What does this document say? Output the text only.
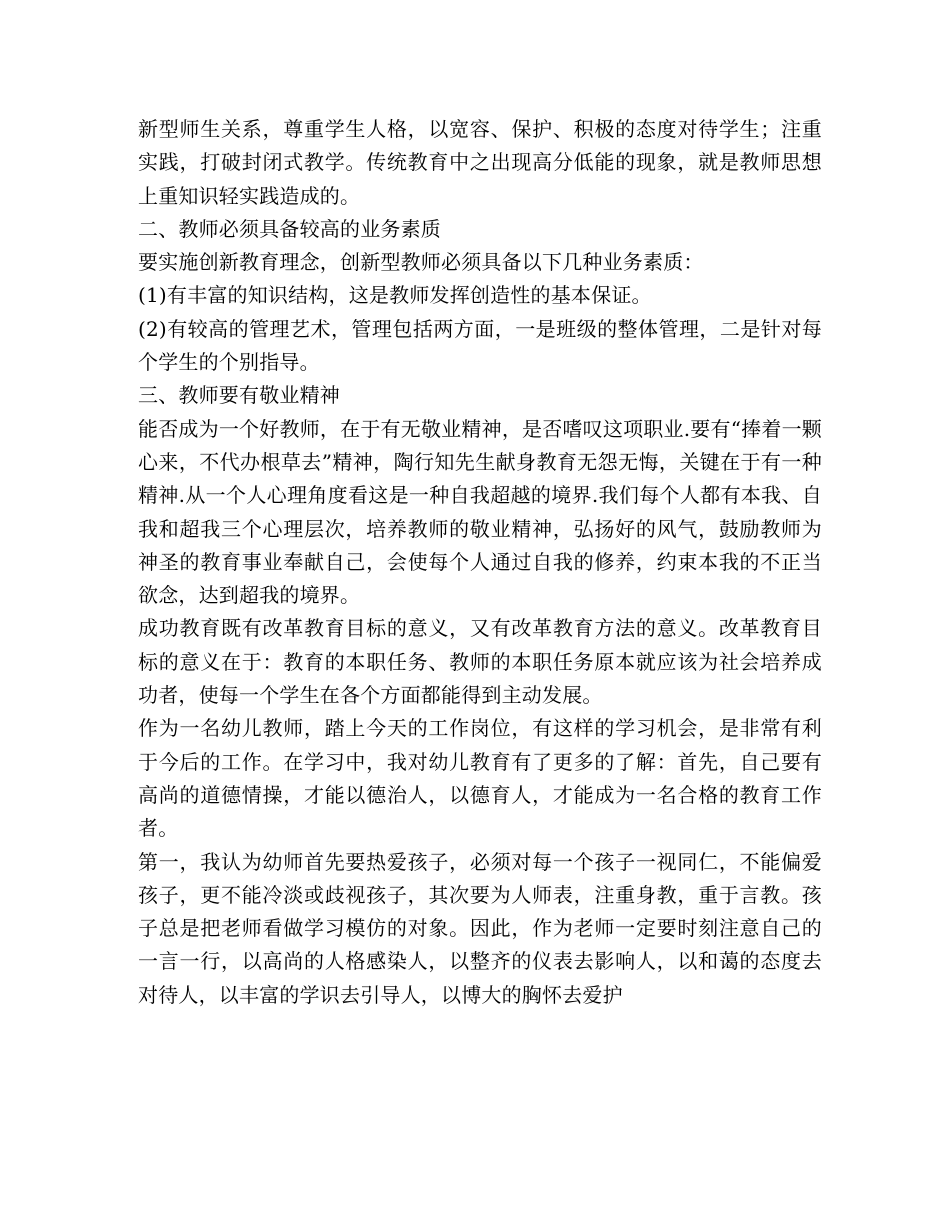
新型师生关系，尊重学生人格，以宽容、保护、积极的态度对待学生；注重实践，打破封闭式教学。传统教育中之出现高分低能的现象，就是教师思想上重知识轻实践造成的。

二、教师必须具备较高的业务素质

要实施创新教育理念，创新型教师必须具备以下几种业务素质：

(1)有丰富的知识结构，这是教师发挥创造性的基本保证。

(2)有较高的管理艺术，管理包括两方面，一是班级的整体管理，二是针对每个学生的个别指导。

三、教师要有敬业精神

能否成为一个好教师，在于有无敬业精神，是否嗜叹这项职业.要有“捧着一颗心来，不代办根草去”精神，陶行知先生献身教育无怨无悔，关键在于有一种精神.从一个人心理角度看这是一种自我超越的境界.我们每个人都有本我、自我和超我三个心理层次，培养教师的敬业精神，弘扬好的风气，鼓励教师为神圣的教育事业奉献自己，会使每个人通过自我的修养，约束本我的不正当欲念，达到超我的境界。

成功教育既有改革教育目标的意义，又有改革教育方法的意义。改革教育目标的意义在于：教育的本职任务、教师的本职任务原本就应该为社会培养成功者，使每一个学生在各个方面都能得到主动发展。

作为一名幼儿教师，踏上今天的工作岗位，有这样的学习机会，是非常有利于今后的工作。在学习中，我对幼儿教育有了更多的了解：首先，自己要有高尚的道德情操，才能以德治人，以德育人，才能成为一名合格的教育工作者。

第一，我认为幼师首先要热爱孩子，必须对每一个孩子一视同仁，不能偏爱孩子，更不能冷淡或歧视孩子，其次要为人师表，注重身教，重于言教。孩子总是把老师看做学习模仿的对象。因此，作为老师一定要时刻注意自己的一言一行，以高尚的人格感染人，以整齐的仪表去影响人，以和蔼的态度去对待人，以丰富的学识去引导人，以博大的胸怀去爱护
